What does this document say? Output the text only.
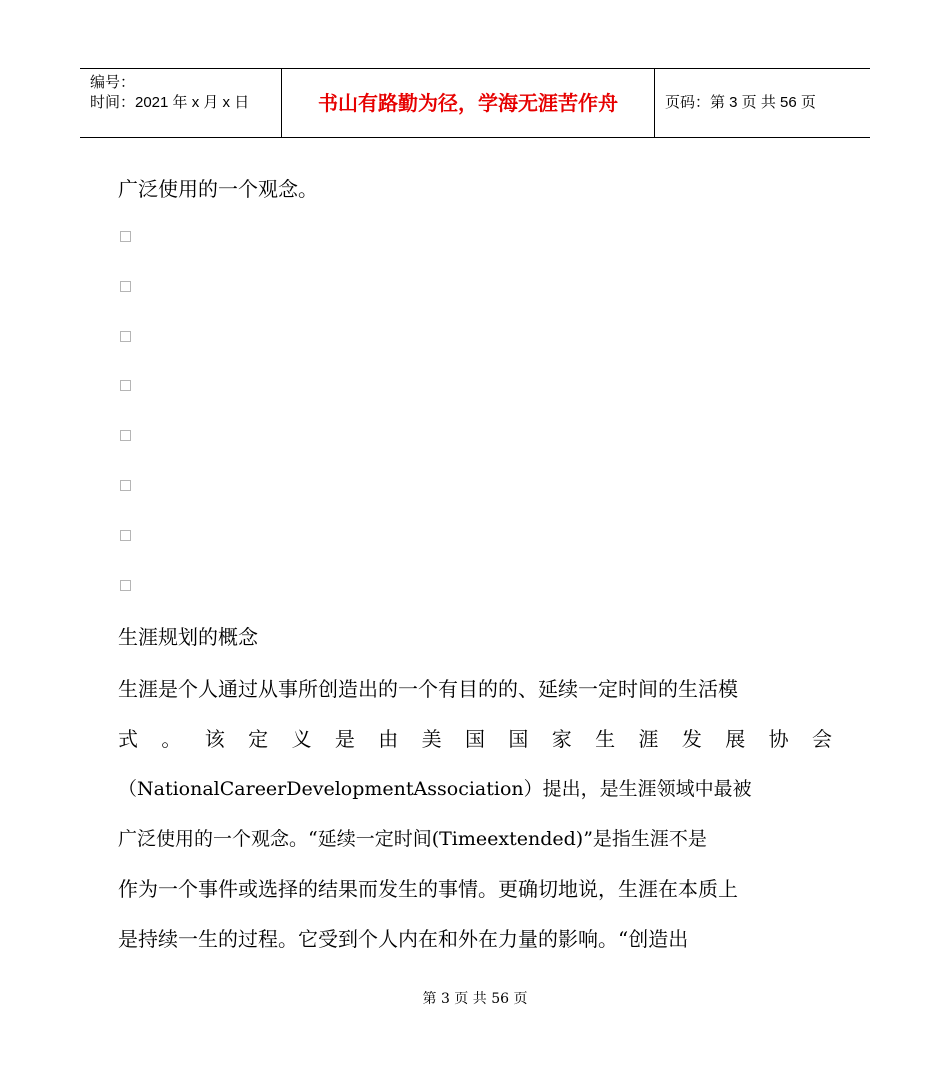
编号：
时间：2021 年 x 月 x 日	书山有路勤为径，学海无涯苦作舟	页码：第 3 页 共 56 页
广泛使用的一个观念。
生涯规划的概念
生涯是个人通过从事所创造出的一个有目的的、延续一定时间的生活模
式 。 该 定 义 是 由 美 国 国 家 生 涯 发 展 协 会
（NationalCareerDevelopmentAssociation）提出，是生涯领域中最被
广泛使用的一个观念。“延续一定时间(Timeextended)”是指生涯不是
作为一个事件或选择的结果而发生的事情。更确切地说，生涯在本质上
是持续一生的过程。它受到个人内在和外在力量的影响。“创造出
第 3 页 共 56 页
